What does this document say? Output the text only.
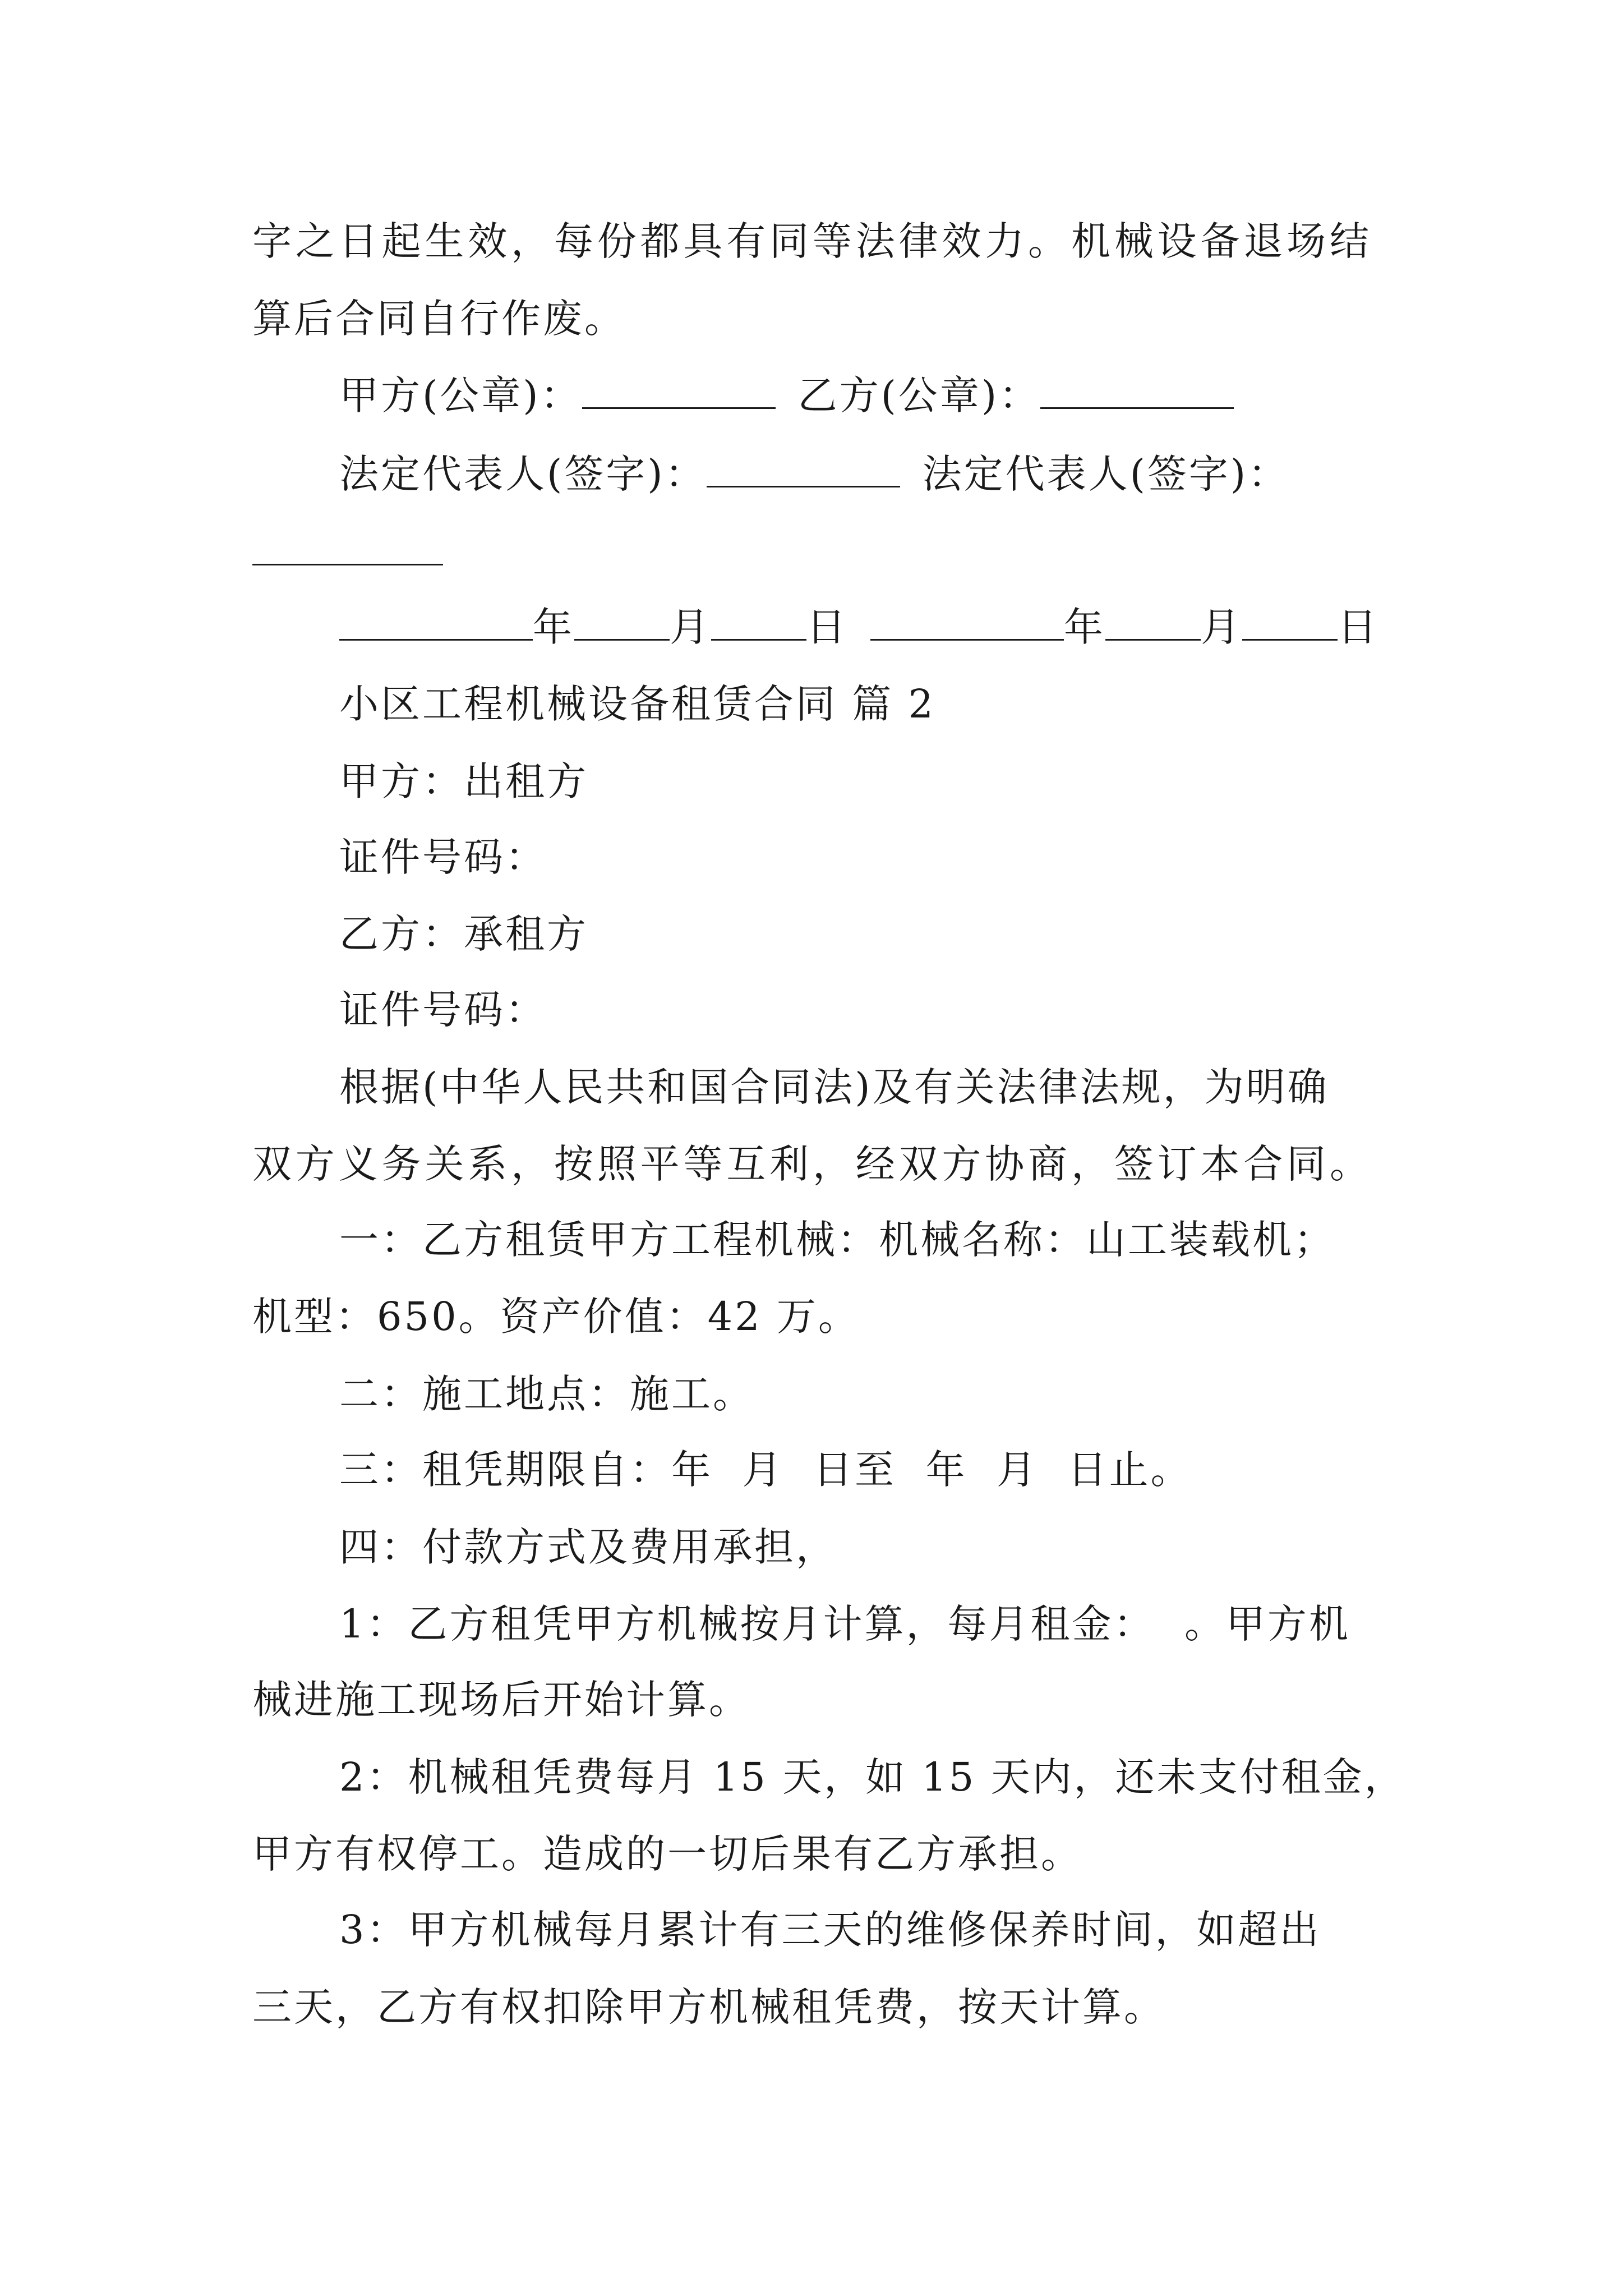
字之日起生效，每份都具有同等法律效力。机械设备退场结
算后合同自行作废。
甲方(公章)：	乙方(公章)：
法定代表人(签字)：	法定代表人(签字)：
年 月 日	年 月 日
小区工程机械设备租赁合同 篇 2
甲方：出租方
证件号码：
乙方：承租方
证件号码：
根据(中华人民共和国合同法)及有关法律法规，为明确
双方义务关系，按照平等互利，经双方协商，签订本合同。
一：乙方租赁甲方工程机械：机械名称：山工装载机；
机型：650。资产价值：42 万。
二：施工地点：施工。
三：租凭期限自：年  月  日至  年  月  日止。
四：付款方式及费用承担，
1：乙方租凭甲方机械按月计算，每月租金：  。甲方机
械进施工现场后开始计算。
2：机械租凭费每月 15 天，如 15 天内，还未支付租金，
甲方有权停工。造成的一切后果有乙方承担。
3：甲方机械每月累计有三天的维修保养时间，如超出
三天，乙方有权扣除甲方机械租凭费，按天计算。
